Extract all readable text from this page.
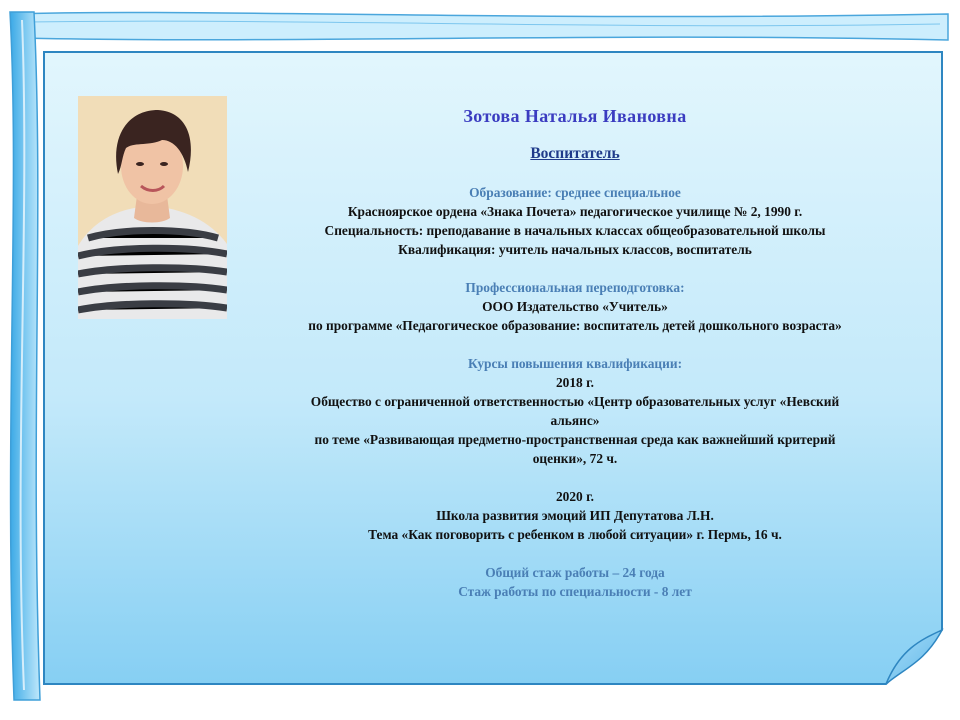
Зотова Наталья Ивановна

Воспитатель

Образование: среднее специальное

Красноярское ордена «Знака Почета» педагогическое училище № 2, 1990 г.

Специальность: преподавание в начальных классах общеобразовательной школы

Квалификация: учитель начальных классов, воспитатель

Профессиональная переподготовка:

ООО Издательство «Учитель»

по программе «Педагогическое образование: воспитатель детей дошкольного возраста»

Курсы повышения квалификации:

2018 г.

Общество с ограниченной ответственностью «Центр образовательных услуг «Невский

альянс»

по теме «Развивающая предметно-пространственная среда как важнейший критерий

оценки», 72 ч.

2020 г.

Школа развития эмоций ИП Депутатова Л.Н.

Тема «Как поговорить с ребенком в любой ситуации» г. Пермь, 16 ч.

Общий стаж работы – 24 года

Стаж работы по специальности - 8 лет
